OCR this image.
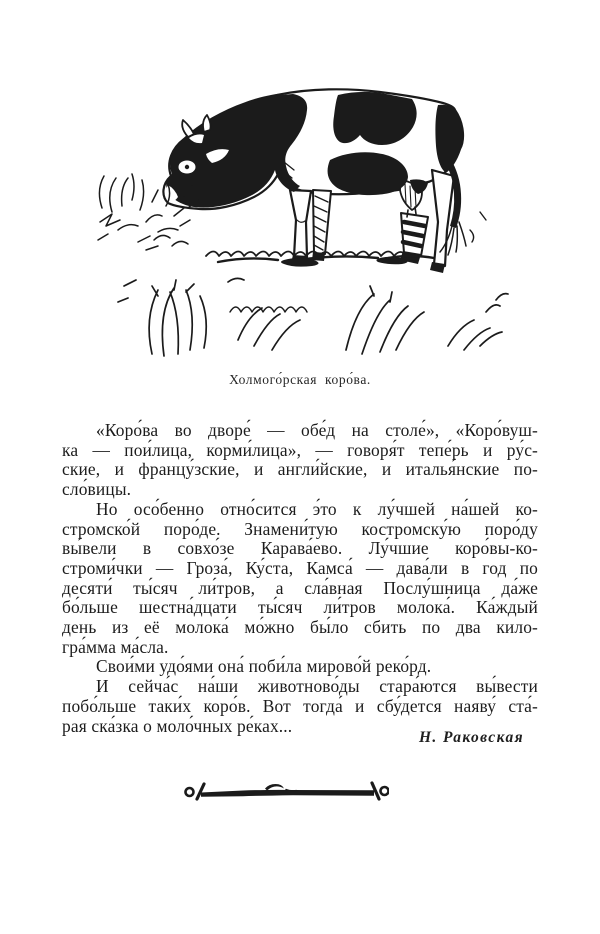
Холмого́рская коро́ва.
«Коро́ва во дворе́ — обе́д на столе́», «Коро́вуш-
ка — пои́лица, корми́лица», — говоря́т тепе́рь и ру́с-
ские, и францу́зские, и англи́йские, и италья́нские по-
сло́вицы.
Но осо́бенно отно́сится э́то к лу́чшей на́шей ко-
стромско́й поро́де. Знамени́тую костромску́ю поро́ду
вы́вели в совхо́зе Карава́ево. Лу́чшие коро́вы-ко-
строми́чки — Гроза́, Ку́ста, Камса́ — дава́ли в год по
десяти́ ты́сяч ли́тров, а сла́вная Послу́шница да́же
бо́льше шестна́дцати ты́сяч ли́тров молока́. Ка́ждый
день из её молока́ мо́жно бы́ло сбить по два кило-
гра́мма ма́сла.
Свои́ми удо́ями она́ поби́ла мирово́й реко́рд.
И сейча́с на́ши животново́ды стара́ются вы́вести
побо́льше таки́х коро́в. Вот тогда́ и сбу́дется наяву́ ста́-
рая ска́зка о моло́чных ре́ках...
Н. Раковская
